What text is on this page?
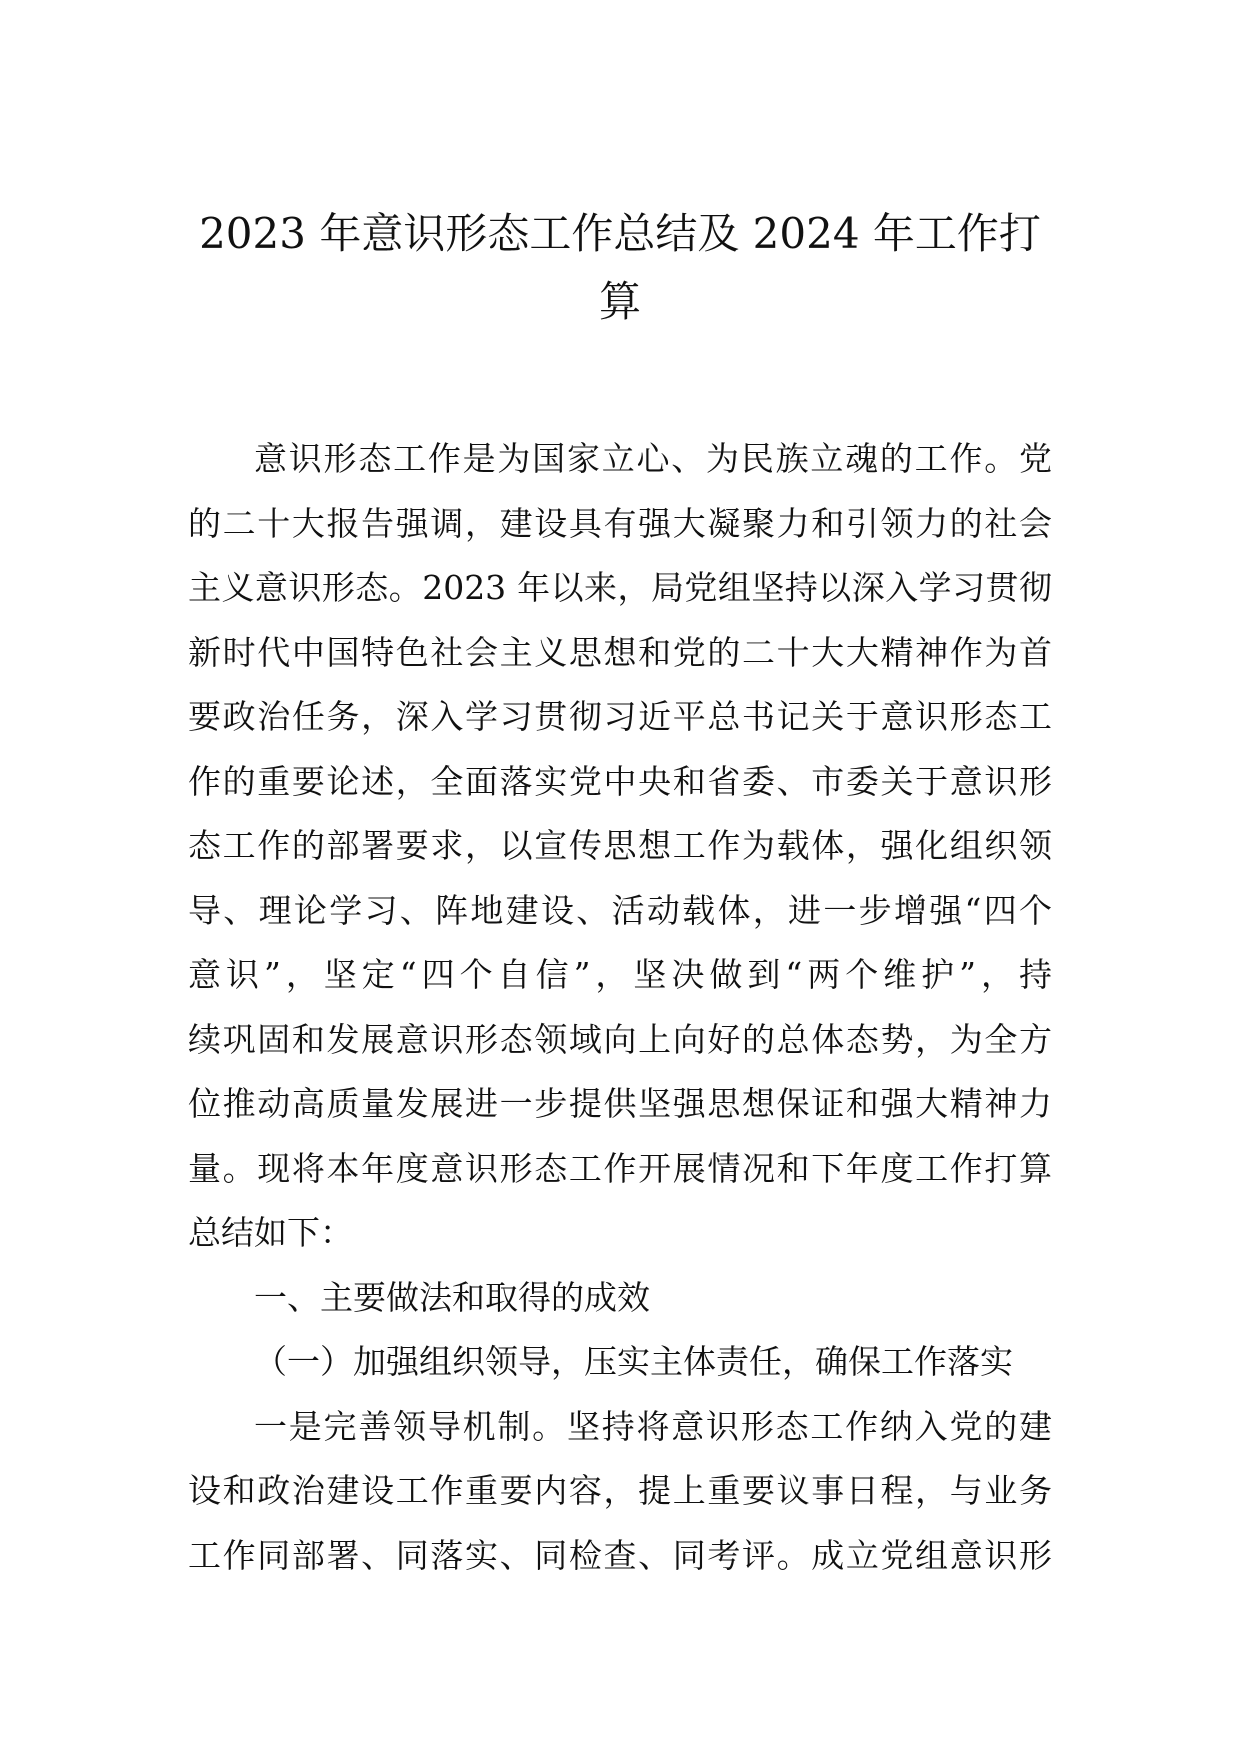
2023 年意识形态工作总结及 2024 年工作打
算
意识形态工作是为国家立心、为民族立魂的工作。党
的二十大报告强调，建设具有强大凝聚力和引领力的社会
主义意识形态。2023 年以来，局党组坚持以深入学习贯彻
新时代中国特色社会主义思想和党的二十大大精神作为首
要政治任务，深入学习贯彻习近平总书记关于意识形态工
作的重要论述，全面落实党中央和省委、市委关于意识形
态工作的部署要求，以宣传思想工作为载体，强化组织领
导、理论学习、阵地建设、活动载体，进一步增强“四个
意识”，坚定“四个自信”，坚决做到“两个维护”，持
续巩固和发展意识形态领域向上向好的总体态势，为全方
位推动高质量发展进一步提供坚强思想保证和强大精神力
量。现将本年度意识形态工作开展情况和下年度工作打算
总结如下：
一、主要做法和取得的成效
（一）加强组织领导，压实主体责任，确保工作落实
一是完善领导机制。坚持将意识形态工作纳入党的建
设和政治建设工作重要内容，提上重要议事日程，与业务
工作同部署、同落实、同检查、同考评。成立党组意识形
